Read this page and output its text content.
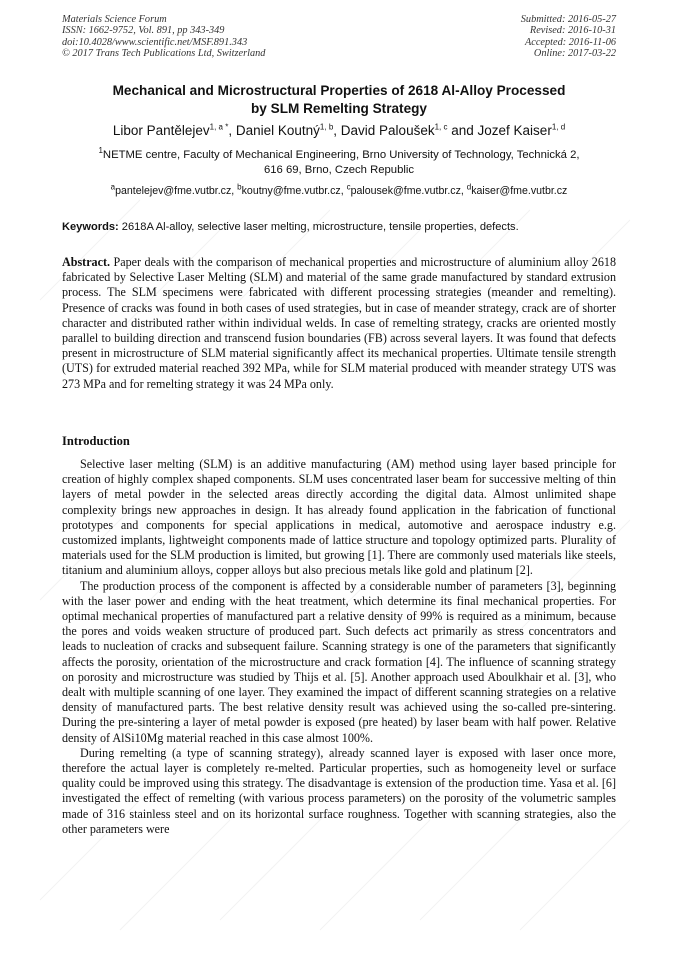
Materials Science Forum
ISSN: 1662-9752, Vol. 891, pp 343-349
doi:10.4028/www.scientific.net/MSF.891.343
© 2017 Trans Tech Publications Ltd, Switzerland
Submitted: 2016-05-27
Revised: 2016-10-31
Accepted: 2016-11-06
Online: 2017-03-22
Mechanical and Microstructural Properties of 2618 Al-Alloy Processed
by SLM Remelting Strategy
Libor Pantělejev$^{1, a *}$, Daniel Koutný$^{1, b}$, David Paloušek$^{1, c}$ and Jozef Kaiser$^{1, d}$
$^1$NETME centre, Faculty of Mechanical Engineering, Brno University of Technology, Technická 2,
616 69, Brno, Czech Republic
$^a$pantelejev@fme.vutbr.cz, $^b$koutny@fme.vutbr.cz, $^c$palousek@fme.vutbr.cz, $^d$kaiser@fme.vutbr.cz
Keywords: 2618A Al-alloy, selective laser melting, microstructure, tensile properties, defects.

Abstract. Paper deals with the comparison of mechanical properties and microstructure of aluminium alloy 2618 fabricated by Selective Laser Melting (SLM) and material of the same grade manufactured by standard extrusion process. The SLM specimens were fabricated with different processing strategies (meander and remelting). Presence of cracks was found in both cases of used strategies, but in case of meander strategy, crack are of shorter character and distributed rather within individual welds. In case of remelting strategy, cracks are oriented mostly parallel to building direction and transcend fusion boundaries (FB) across several layers. It was found that defects present in microstructure of SLM material significantly affect its mechanical properties. Ultimate tensile strength (UTS) for extruded material reached 392 MPa, while for SLM material produced with meander strategy UTS was 273 MPa and for remelting strategy it was 24 MPa only.

Introduction

Selective laser melting (SLM) is an additive manufacturing (AM) method using layer based principle for creation of highly complex shaped components. SLM uses concentrated laser beam for successive melting of thin layers of metal powder in the selected areas directly according the digital data. Almost unlimited shape complexity brings new approaches in design. It has already found application in the fabrication of functional prototypes and components for special applications in medical, automotive and aerospace industry e.g. customized implants, lightweight components made of lattice structure and topology optimized parts. Plurality of materials used for the SLM production is limited, but growing [1]. There are commonly used materials like steels, titanium and aluminium alloys, copper alloys but also precious metals like gold and platinum [2].

The production process of the component is affected by a considerable number of parameters [3], beginning with the laser power and ending with the heat treatment, which determine its final mechanical properties. For optimal mechanical properties of manufactured part a relative density of 99% is required as a minimum, because the pores and voids weaken structure of produced part. Such defects act primarily as stress concentrators and leads to nucleation of cracks and subsequent failure. Scanning strategy is one of the parameters that significantly affects the porosity, orientation of the microstructure and crack formation [4]. The influence of scanning strategy on porosity and microstructure was studied by Thijs et al. [5]. Another approach used Aboulkhair et al. [3], who dealt with multiple scanning of one layer. They examined the impact of different scanning strategies on a relative density of manufactured parts. The best relative density result was achieved using the so-called pre-sintering. During the pre-sintering a layer of metal powder is exposed (pre heated) by laser beam with half power. Relative density of AlSi10Mg material reached in this case almost 100%.

During remelting (a type of scanning strategy), already scanned layer is exposed with laser once more, therefore the actual layer is completely re-melted. Particular properties, such as homogeneity level or surface quality could be improved using this strategy. The disadvantage is extension of the production time. Yasa et al. [6] investigated the effect of remelting (with various process parameters) on the porosity of the volumetric samples made of 316 stainless steel and on its horizontal surface roughness. Together with scanning strategies, also the other parameters were
